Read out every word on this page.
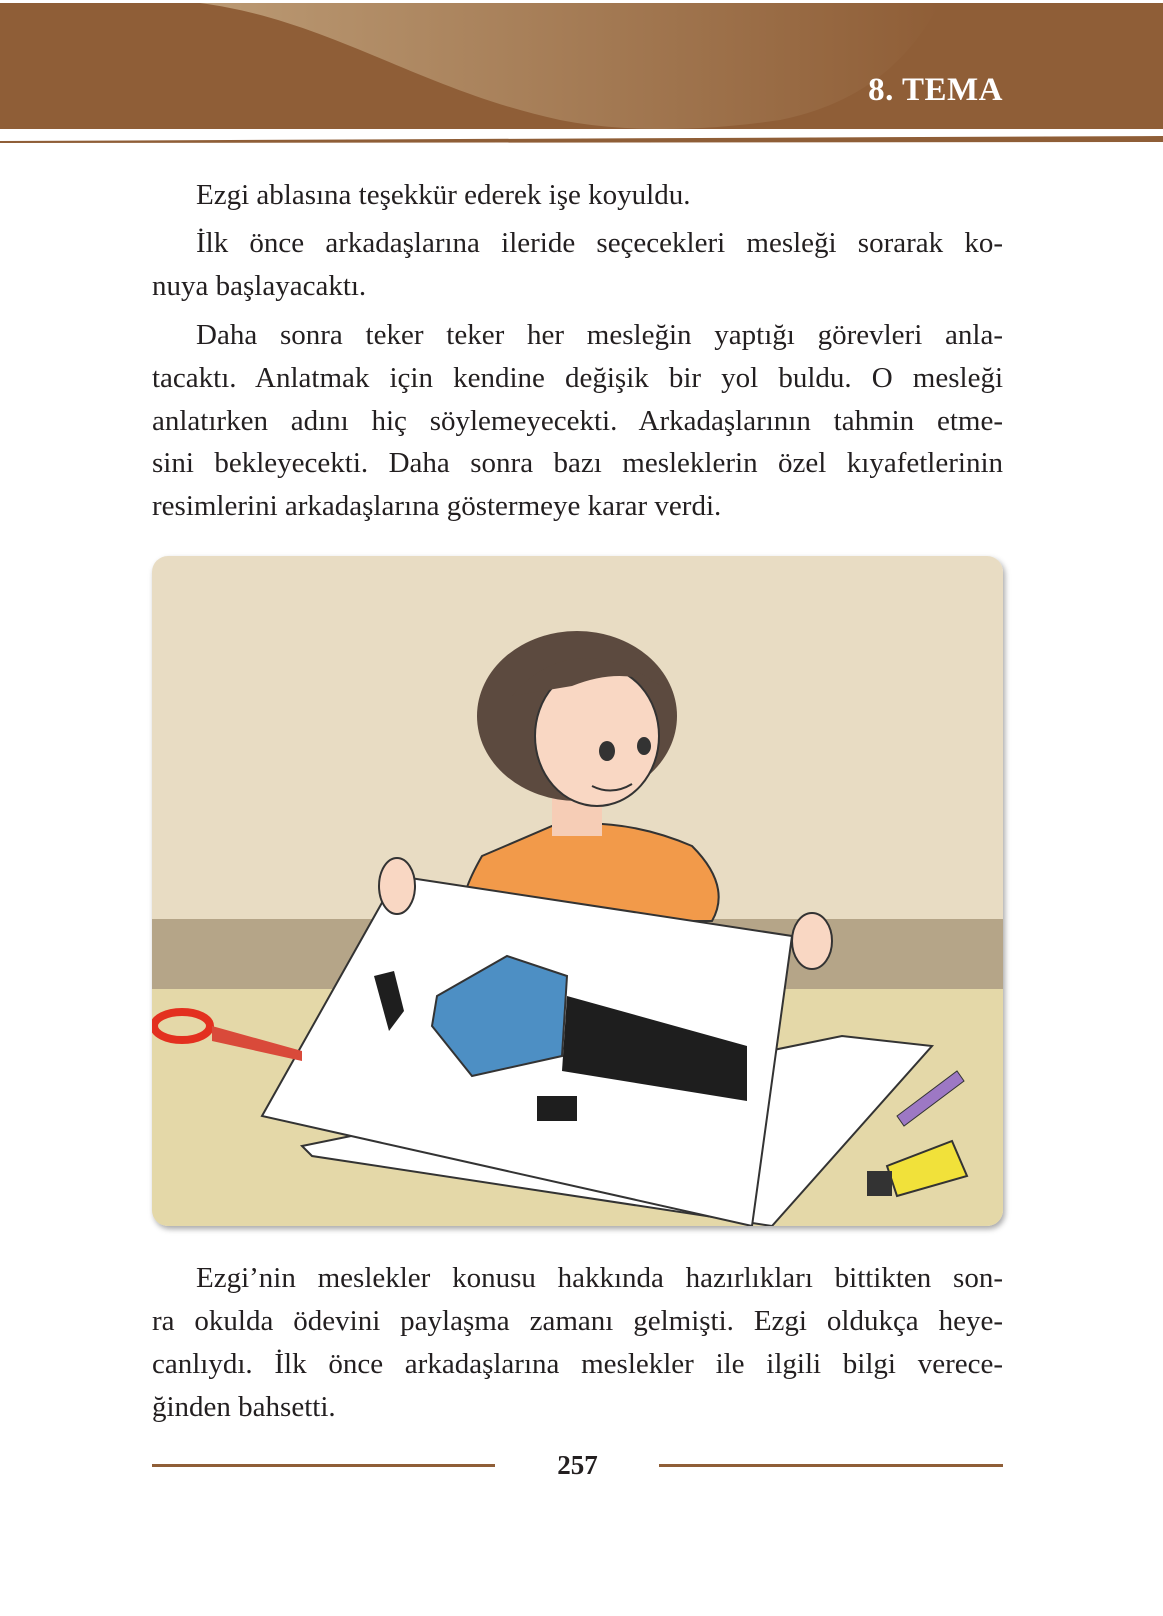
8. TEMA
Ezgi ablasına teşekkür ederek işe koyuldu.
İlk önce arkadaşlarına ileride seçecekleri mesleği sorarak ko-
nuya başlayacaktı.
Daha sonra teker teker her mesleğin yaptığı görevleri anla-
tacaktı. Anlatmak için kendine değişik bir yol buldu. O mesleği
anlatırken adını hiç söylemeyecekti. Arkadaşlarının tahmin etme-
sini bekleyecekti. Daha sonra bazı mesleklerin özel kıyafetlerinin
resimlerini arkadaşlarına göstermeye karar verdi.
Ezgi’nin meslekler konusu hakkında hazırlıkları bittikten son-
ra okulda ödevini paylaşma zamanı gelmişti. Ezgi oldukça heye-
canlıydı. İlk önce arkadaşlarına meslekler ile ilgili bilgi verece-
ğinden bahsetti.
257
